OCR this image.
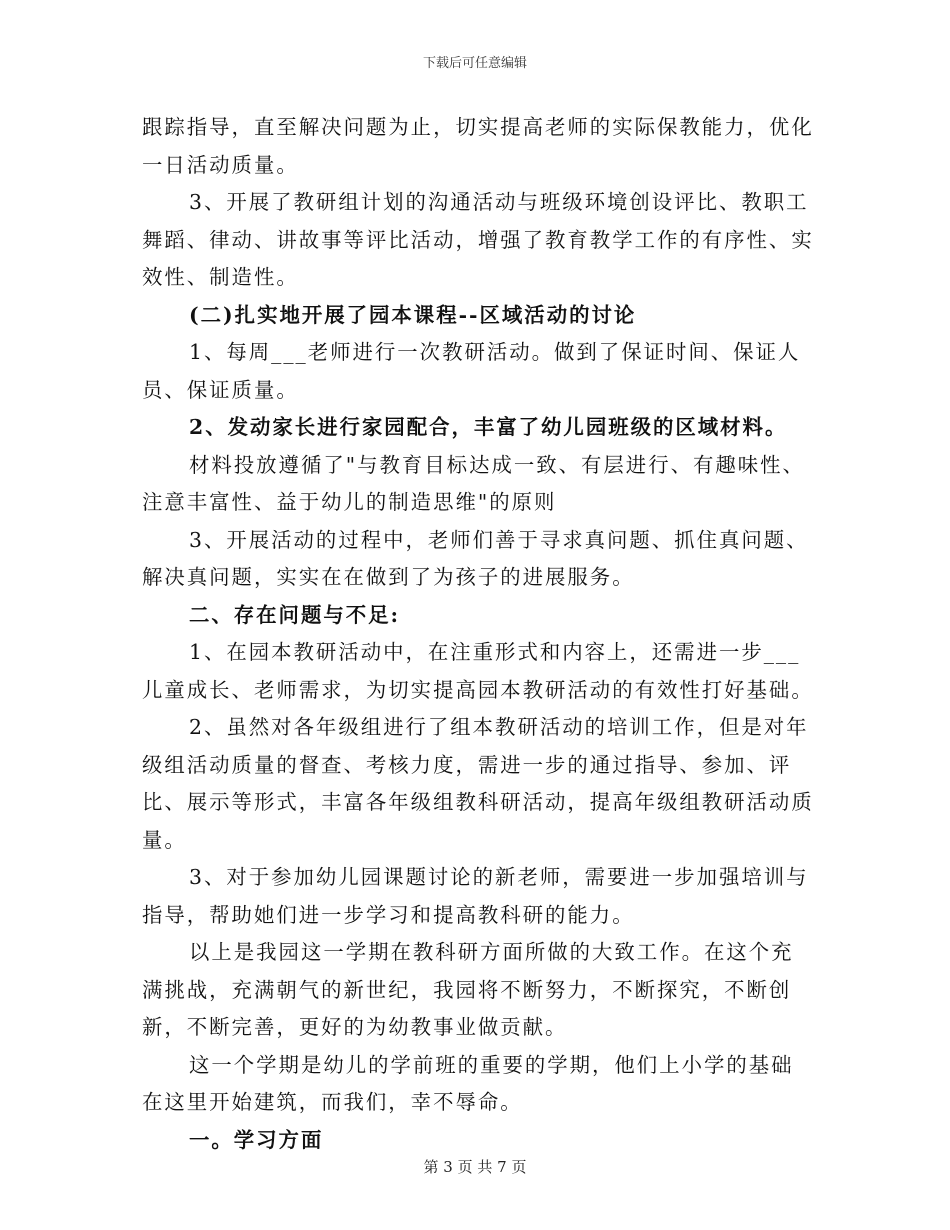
下载后可任意编辑

跟踪指导，直至解决问题为止，切实提高老师的实际保教能力，优化一日活动质量。

3、开展了教研组计划的沟通活动与班级环境创设评比、教职工舞蹈、律动、讲故事等评比活动，增强了教育教学工作的有序性、实效性、制造性。

(二)扎实地开展了园本课程--区域活动的讨论

1、每周___老师进行一次教研活动。做到了保证时间、保证人员、保证质量。

2、发动家长进行家园配合，丰富了幼儿园班级的区域材料。

材料投放遵循了"与教育目标达成一致、有层进行、有趣味性、注意丰富性、益于幼儿的制造思维"的原则

3、开展活动的过程中，老师们善于寻求真问题、抓住真问题、解决真问题，实实在在做到了为孩子的进展服务。

二、存在问题与不足:

1、在园本教研活动中，在注重形式和内容上，还需进一步___儿童成长、老师需求，为切实提高园本教研活动的有效性打好基础。

2、虽然对各年级组进行了组本教研活动的培训工作，但是对年级组活动质量的督查、考核力度，需进一步的通过指导、参加、评比、展示等形式，丰富各年级组教科研活动，提高年级组教研活动质量。

3、对于参加幼儿园课题讨论的新老师，需要进一步加强培训与指导，帮助她们进一步学习和提高教科研的能力。

以上是我园这一学期在教科研方面所做的大致工作。在这个充满挑战，充满朝气的新世纪，我园将不断努力，不断探究，不断创新，不断完善，更好的为幼教事业做贡献。

这一个学期是幼儿的学前班的重要的学期，他们上小学的基础在这里开始建筑，而我们，幸不辱命。

一。学习方面

第 3 页 共 7 页
